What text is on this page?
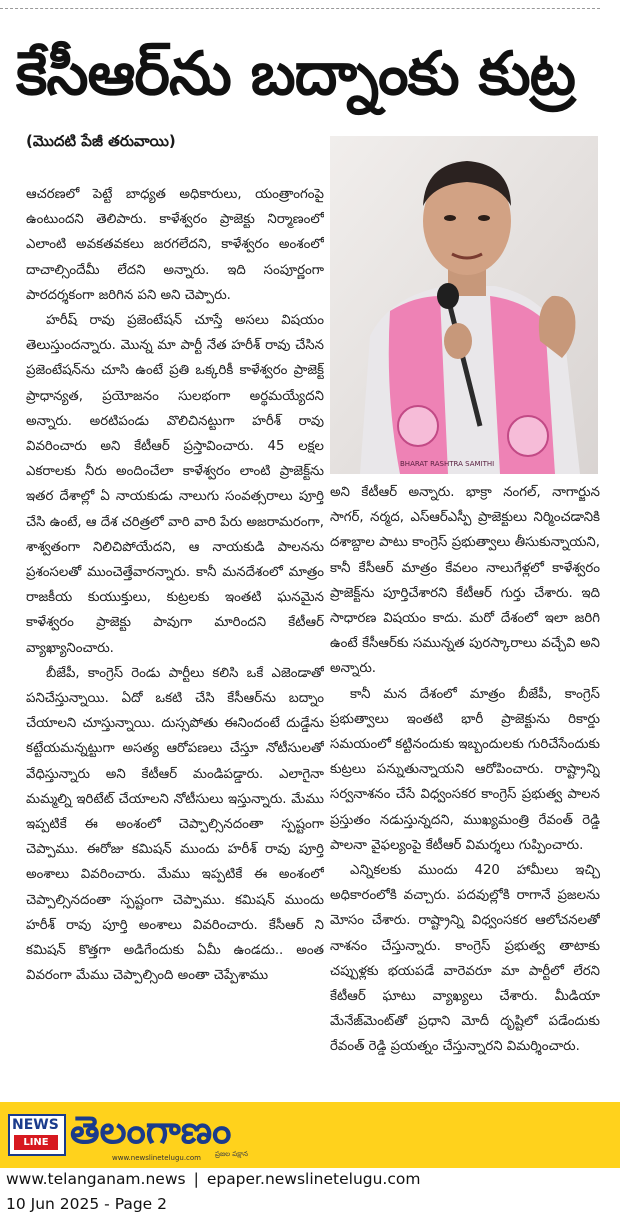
కేసీఆర్‌ను బద్నాంకు కుట్ర
(మొదటి పేజీ తరువాయి)

ఆచరణలో పెట్టే బాధ్యత అధికారులు, యంత్రాంగంపై ఉంటుందని తెలిపారు. కాళేశ్వరం ప్రాజెక్టు నిర్మాణంలో ఎలాంటి అవకతవకలు జరగలేదని, కాళేశ్వరం అంశంలో దాచాల్సిందేమీ లేదని అన్నారు. ఇది సంపూర్ణంగా పారదర్శకంగా జరిగిన పని అని చెప్పారు.

హరీష్ రావు ప్రజెంటేషన్ చూస్తే అసలు విషయం తెలుస్తుందన్నారు. మొన్న మా పార్టీ నేత హరీశ్ రావు చేసిన ప్రజెంటేషన్‌ను చూసి ఉంటే ప్రతి ఒక్కరికీ కాళేశ్వరం ప్రాజెక్ట్ ప్రాధాన్యత, ప్రయోజనం సులభంగా అర్థమయ్యేదని అన్నారు. అరటిపండు వొలిచినట్టుగా హరీశ్ రావు వివరించారు అని కేటీఆర్ ప్రస్తావించారు. 45 లక్షల ఎకరాలకు నీరు అందించేలా కాళేశ్వరం లాంటి ప్రాజెక్ట్‌ను ఇతర దేశాల్లో ఏ నాయకుడు నాలుగు సంవత్సరాలు పూర్తి చేసి ఉంటే, ఆ దేశ చరిత్రలో వారి వారి పేరు అజరామరంగా, శాశ్వతంగా నిలిచిపోయేదని, ఆ నాయకుడి పాలనను ప్రశంసలతో ముంచెత్తేవారన్నారు. కానీ మనదేశంలో మాత్రం రాజకీయ కుయుక్తులు, కుట్రలకు ఇంతటి ఘనమైన కాళేశ్వరం ప్రాజెక్టు పావుగా మారిందని కేటీఆర్ వ్యాఖ్యానించారు.

బీజేపీ, కాంగ్రెస్ రెండు పార్టీలు కలిసి ఒకే ఎజెండాతో పనిచేస్తున్నాయి. ఏదో ఒకటి చేసి కేసీఆర్‌ను బద్నాం చేయాలని చూస్తున్నాయి. దుస్సపోతు ఈనిందంటే దుడ్డేను కట్టేయమన్నట్టుగా అసత్య ఆరోపణలు చేస్తూ నోటీసులతో వేధిస్తున్నారు అని కేటీఆర్ మండిపడ్డారు. ఎలాగైనా మమ్మల్ని ఇరిటేట్ చేయాలని నోటీసులు ఇస్తున్నారు. మేము ఇప్పటికే ఈ అంశంలో చెప్పాల్సినదంతా స్పష్టంగా చెప్పాము. ఈరోజు కమిషన్ ముందు హరీశ్ రావు పూర్తి అంశాలు వివరించారు. మేము ఇప్పటికే ఈ అంశంలో చెప్పాల్సినదంతా స్పష్టంగా చెప్పాము. కమిషన్ ముందు హరీశ్ రావు పూర్తి అంశాలు వివరించారు. కేసీఆర్ ని కమిషన్ కొత్తగా అడిగేందుకు ఏమీ ఉండదు.. అంత వివరంగా మేము చెప్పాల్సింది అంతా చెప్పేశాము

BHARAT RASHTRA SAMITHI

అని కేటీఆర్ అన్నారు. భాక్రా నంగల్, నాగార్జున సాగర్, నర్మద, ఎస్ఆర్ఎస్పీ ప్రాజెక్టులు నిర్మించడానికి దశాబ్దాల పాటు కాంగ్రెస్ ప్రభుత్వాలు తీసుకున్నాయని, కానీ కేసీఆర్ మాత్రం కేవలం నాలుగేళ్లలో కాళేశ్వరం ప్రాజెక్ట్‌ను పూర్తిచేశారని కేటీఆర్ గుర్తు చేశారు. ఇది సాధారణ విషయం కాదు. మరో దేశంలో ఇలా జరిగి ఉంటే కేసీఆర్‌కు సమున్నత పురస్కారాలు వచ్చేవి అని అన్నారు.

కానీ మన దేశంలో మాత్రం బీజేపీ, కాంగ్రెస్ ప్రభుత్వాలు ఇంతటి భారీ ప్రాజెక్టును రికార్డు సమయంలో కట్టినందుకు ఇబ్బందులకు గురిచేసేందుకు కుట్రలు పన్నుతున్నాయని ఆరోపించారు. రాష్ట్రాన్ని సర్వనాశనం చేసే విధ్వంసకర కాంగ్రెస్ ప్రభుత్వ పాలన ప్రస్తుతం నడుస్తున్నదని, ముఖ్యమంత్రి రేవంత్ రెడ్డి పాలనా వైఫల్యంపై కేటీఆర్ విమర్శలు గుప్పించారు.

ఎన్నికలకు ముందు 420 హామీలు ఇచ్చి అధికారంలోకి వచ్చారు. పదవుల్లోకి రాగానే ప్రజలను మోసం చేశారు. రాష్ట్రాన్ని విధ్వంసకర ఆలోచనలతో నాశనం చేస్తున్నారు. కాంగ్రెస్ ప్రభుత్వ తాటాకు చప్పుళ్లకు భయపడే వారెవరూ మా పార్టీలో లేరని కేటీఆర్ ఘాటు వ్యాఖ్యలు చేశారు. మీడియా మేనేజ్‌మెంట్‌తో ప్రధాని మోదీ దృష్టిలో పడేందుకు రేవంత్ రెడ్డి ప్రయత్నం చేస్తున్నారని విమర్శించారు.

NEWS
LINE తెలంగాణం
www.newslinetelugu.com ప్రజల పక్షాన
www.telanganam.news | epaper.newslinetelugu.com
10 Jun 2025 - Page 2
